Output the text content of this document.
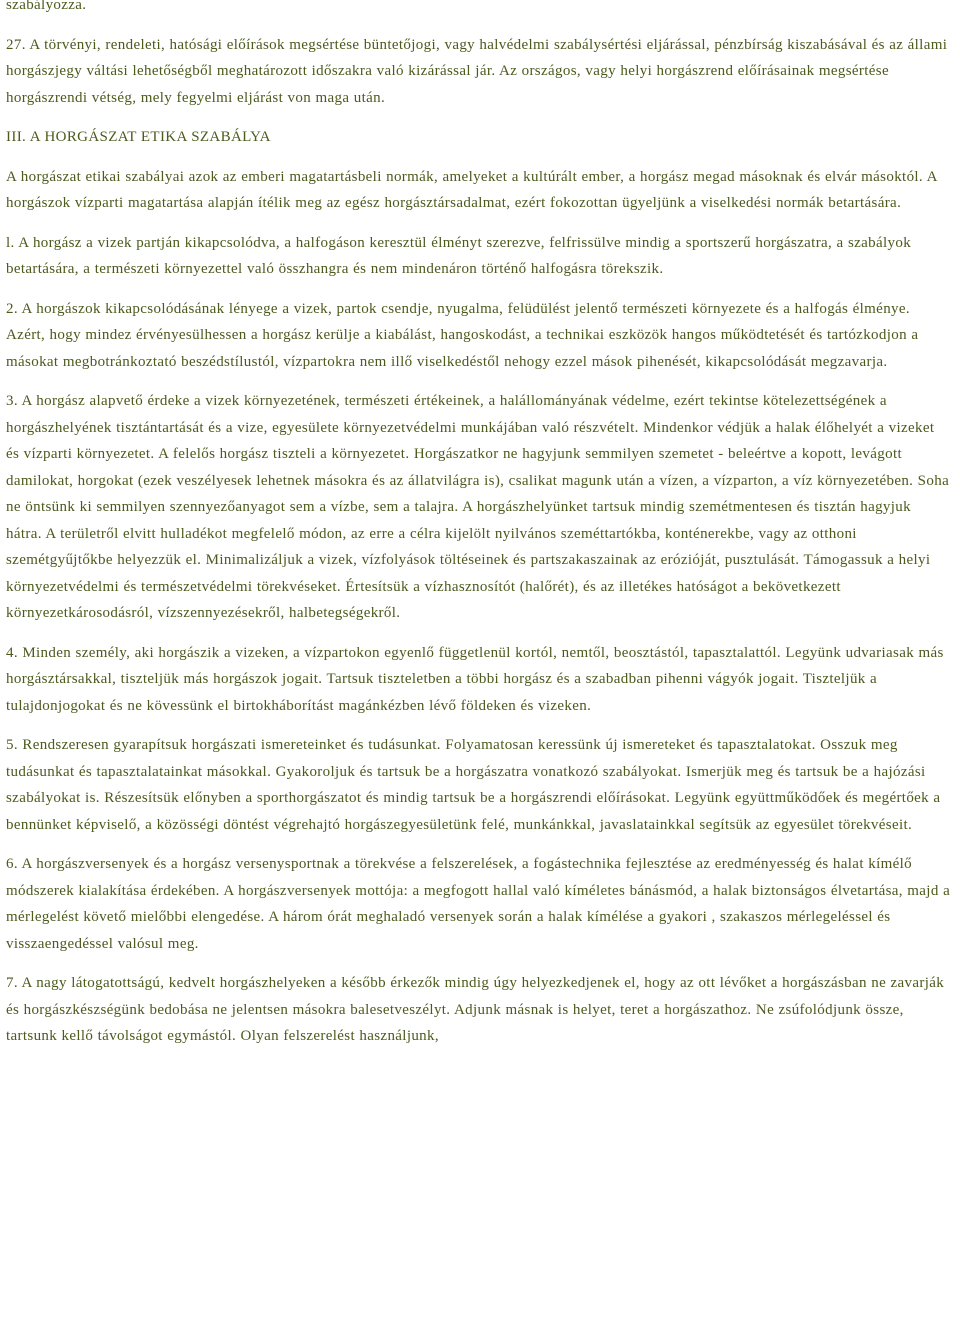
szabályozza.

27. A törvényi, rendeleti, hatósági előírások megsértése büntetőjogi, vagy halvédelmi szabálysértési eljárással, pénzbírság kiszabásával és az állami horgászjegy váltási lehetőségből meghatározott időszakra való kizárással jár. Az országos, vagy helyi horgászrend előírásainak megsértése horgászrendi vétség, mely fegyelmi eljárást von maga után.

III. A HORGÁSZAT ETIKA SZABÁLYA

A horgászat etikai szabályai azok az emberi magatartásbeli normák, amelyeket a kultúrált ember, a horgász megad másoknak és elvár másoktól. A horgászok vízparti magatartása alapján ítélik meg az egész horgásztársadalmat, ezért fokozottan ügyeljünk a viselkedési normák betartására.

l. A horgász a vizek partján kikapcsolódva, a halfogáson keresztül élményt szerezve, felfrissülve mindig a sportszerű horgászatra, a szabályok betartására, a természeti környezettel való összhangra és nem mindenáron történő halfogásra törekszik.

2. A horgászok kikapcsolódásának lényege a vizek, partok csendje, nyugalma, felüdülést jelentő természeti környezete és a halfogás élménye. Azért, hogy mindez érvényesülhessen a horgász kerülje a kiabálást, hangoskodást, a technikai eszközök hangos működtetését és tartózkodjon a másokat megbotránkoztató beszédstílustól, vízpartokra nem illő viselkedéstől nehogy ezzel mások pihenését, kikapcsolódását megzavarja.

3. A horgász alapvető érdeke a vizek környezetének, természeti értékeinek, a halállományának védelme, ezért tekintse kötelezettségének a horgászhelyének tisztántartását és a vize, egyesülete környezetvédelmi munkájában való részvételt. Mindenkor védjük a halak élőhelyét a vizeket és vízparti környezetet. A felelős horgász tiszteli a környezetet. Horgászatkor ne hagyjunk semmilyen szemetet - beleértve a kopott, levágott damilokat, horgokat (ezek veszélyesek lehetnek másokra és az állatvilágra is), csalikat magunk után a vízen, a vízparton, a víz környezetében. Soha ne öntsünk ki semmilyen szennyezőanyagot sem a vízbe, sem a talajra. A horgászhelyünket tartsuk mindig szemétmentesen és tisztán hagyjuk hátra. A területről elvitt hulladékot megfelelő módon, az erre a célra kijelölt nyilvános szeméttartókba, konténerekbe, vagy az otthoni szemétgyűjtőkbe helyezzük el. Minimalizáljuk a vizek, vízfolyások töltéseinek és partszakaszainak az erózióját, pusztulását. Támogassuk a helyi környezetvédelmi és természetvédelmi törekvéseket. Értesítsük a vízhasznosítót (halőrét), és az illetékes hatóságot a bekövetkezett környezetkárosodásról, vízszennyezésekről, halbetegségekről.

4. Minden személy, aki horgászik a vizeken, a vízpartokon egyenlő függetlenül kortól, nemtől, beosztástól, tapasztalattól. Legyünk udvariasak más horgásztársakkal, tiszteljük más horgászok jogait. Tartsuk tiszteletben a többi horgász és a szabadban pihenni vágyók jogait. Tiszteljük a tulajdonjogokat és ne kövessünk el birtokháborítást magánkézben lévő földeken és vizeken.

5. Rendszeresen gyarapítsuk horgászati ismereteinket és tudásunkat. Folyamatosan keressünk új ismereteket és tapasztalatokat. Osszuk meg tudásunkat és tapasztalatainkat másokkal. Gyakoroljuk és tartsuk be a horgászatra vonatkozó szabályokat. Ismerjük meg és tartsuk be a hajózási szabályokat is. Részesítsük előnyben a sporthorgászatot és mindig tartsuk be a horgászrendi előírásokat. Legyünk együttműködőek és megértőek a bennünket képviselő, a közösségi döntést végrehajtó horgászegyesületünk felé, munkánkkal, javaslatainkkal segítsük az egyesület törekvéseit.

6. A horgászversenyek és a horgász versenysportnak a törekvése a felszerelések, a fogástechnika fejlesztése az eredményesség és halat kímélő módszerek kialakítása érdekében. A horgászversenyek mottója: a megfogott hallal való kíméletes bánásmód, a halak biztonságos élvetartása, majd a mérlegelést követő mielőbbi elengedése. A három órát meghaladó versenyek során a halak kímélése a gyakori , szakaszos mérlegeléssel és visszaengedéssel valósul meg.

7. A nagy látogatottságú, kedvelt horgászhelyeken a később érkezők mindig úgy helyezkedjenek el, hogy az ott lévőket a horgászásban ne zavarják és horgászkészségünk bedobása ne jelentsen másokra balesetveszélyt. Adjunk másnak is helyet, teret a horgászathoz. Ne zsúfolódjunk össze, tartsunk kellő távolságot egymástól. Olyan felszerelést használjunk,
